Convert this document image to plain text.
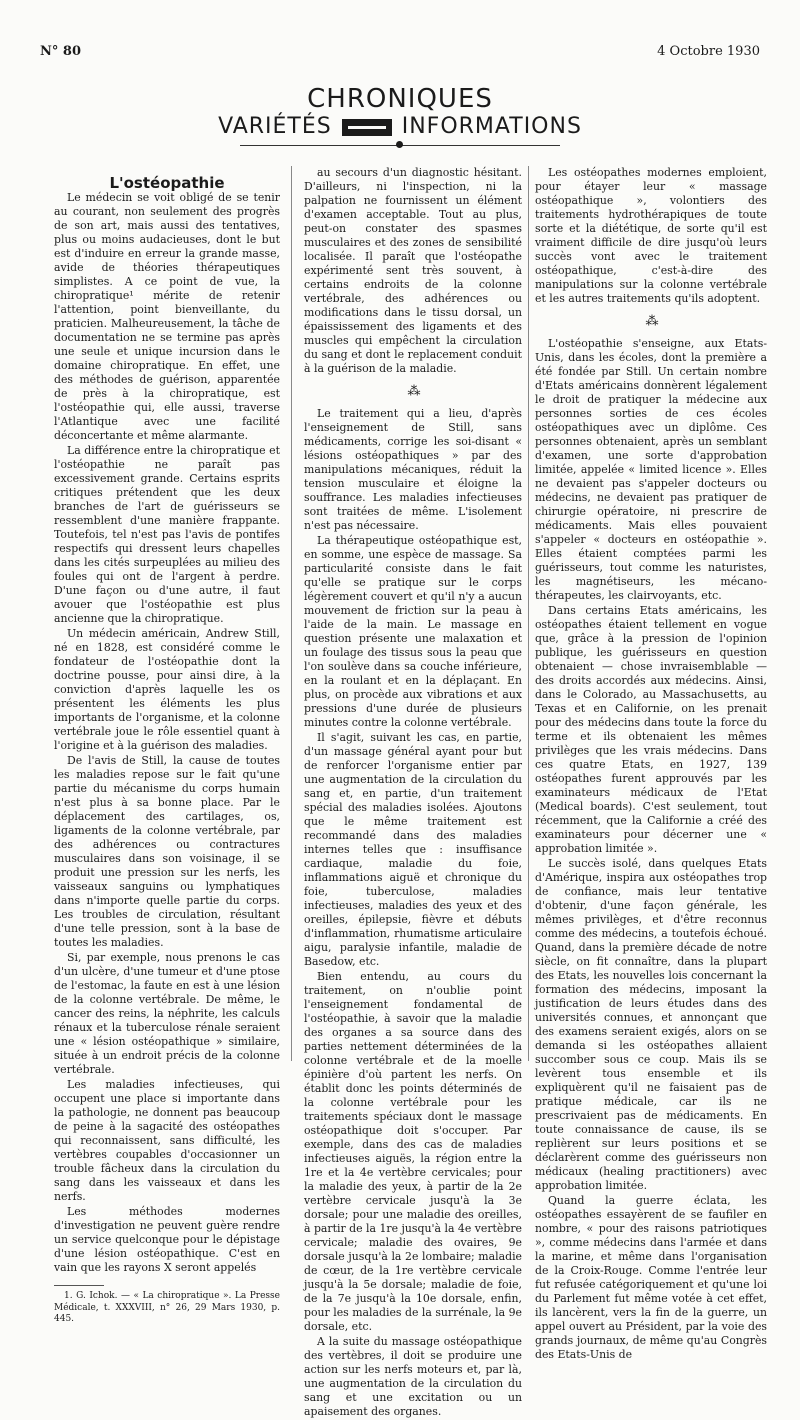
N° 80	4 Octobre 1930
CHRONIQUES
VARIÉTÉS	INFORMATIONS

L'ostéopathie

Le médecin se voit obligé de se tenir au courant, non seulement des progrès de son art, mais aussi des tentatives, plus ou moins audacieuses, dont le but est d'induire en erreur la grande masse, avide de théories thérapeutiques simplistes. A ce point de vue, la chiropratique¹ mérite de retenir l'attention, point bienveillante, du praticien. Malheureusement, la tâche de documentation ne se termine pas après une seule et unique incursion dans le domaine chiropratique. En effet, une des méthodes de guérison, apparentée de près à la chiropratique, est l'ostéopathie qui, elle aussi, traverse l'Atlantique avec une facilité déconcertante et même alarmante.

La différence entre la chiropratique et l'ostéopathie ne paraît pas excessivement grande. Certains esprits critiques prétendent que les deux branches de l'art de guérisseurs se ressemblent d'une manière frappante. Toutefois, tel n'est pas l'avis de pontifes respectifs qui dressent leurs chapelles dans les cités surpeuplées au milieu des foules qui ont de l'argent à perdre. D'une façon ou d'une autre, il faut avouer que l'ostéopathie est plus ancienne que la chiropratique.

Un médecin américain, Andrew Still, né en 1828, est considéré comme le fondateur de l'ostéopathie dont la doctrine pousse, pour ainsi dire, à la conviction d'après laquelle les os présentent les éléments les plus importants de l'organisme, et la colonne vertébrale joue le rôle essentiel quant à l'origine et à la guérison des maladies.

De l'avis de Still, la cause de toutes les maladies repose sur le fait qu'une partie du mécanisme du corps humain n'est plus à sa bonne place. Par le déplacement des cartilages, os, ligaments de la colonne vertébrale, par des adhérences ou contractures musculaires dans son voisinage, il se produit une pression sur les nerfs, les vaisseaux sanguins ou lymphatiques dans n'importe quelle partie du corps. Les troubles de circulation, résultant d'une telle pression, sont à la base de toutes les maladies.

Si, par exemple, nous prenons le cas d'un ulcère, d'une tumeur et d'une ptose de l'estomac, la faute en est à une lésion de la colonne vertébrale. De même, le cancer des reins, la néphrite, les calculs rénaux et la tuberculose rénale seraient une « lésion ostéopathique » similaire, située à un endroit précis de la colonne vertébrale.

Les maladies infectieuses, qui occupent une place si importante dans la pathologie, ne donnent pas beaucoup de peine à la sagacité des ostéopathes qui reconnaissent, sans difficulté, les vertèbres coupables d'occasionner un trouble fâcheux dans la circulation du sang dans les vaisseaux et dans les nerfs.

Les méthodes modernes d'investigation ne peuvent guère rendre un service quelconque pour le dépistage d'une lésion ostéopathique. C'est en vain que les rayons X seront appelés

1. G. Ichok. — « La chiropratique ». La Presse Médicale, t. XXXVIII, n° 26, 29 Mars 1930, p. 445.

au secours d'un diagnostic hésitant. D'ailleurs, ni l'inspection, ni la palpation ne fournissent un élément d'examen acceptable. Tout au plus, peut-on constater des spasmes musculaires et des zones de sensibilité localisée. Il paraît que l'ostéopathe expérimenté sent très souvent, à certains endroits de la colonne vertébrale, des adhérences ou modifications dans le tissu dorsal, un épaississement des ligaments et des muscles qui empêchent la circulation du sang et dont le replacement conduit à la guérison de la maladie.

⁂

Le traitement qui a lieu, d'après l'enseignement de Still, sans médicaments, corrige les soi-disant « lésions ostéopathiques » par des manipulations mécaniques, réduit la tension musculaire et éloigne la souffrance. Les maladies infectieuses sont traitées de même. L'isolement n'est pas nécessaire.

La thérapeutique ostéopathique est, en somme, une espèce de massage. Sa particularité consiste dans le fait qu'elle se pratique sur le corps légèrement couvert et qu'il n'y a aucun mouvement de friction sur la peau à l'aide de la main. Le massage en question présente une malaxation et un foulage des tissus sous la peau que l'on soulève dans sa couche inférieure, en la roulant et en la déplaçant. En plus, on procède aux vibrations et aux pressions d'une durée de plusieurs minutes contre la colonne vertébrale.

Il s'agit, suivant les cas, en partie, d'un massage général ayant pour but de renforcer l'organisme entier par une augmentation de la circulation du sang et, en partie, d'un traitement spécial des maladies isolées. Ajoutons que le même traitement est recommandé dans des maladies internes telles que : insuffisance cardiaque, maladie du foie, inflammations aiguë et chronique du foie, tuberculose, maladies infectieuses, maladies des yeux et des oreilles, épilepsie, fièvre et débuts d'inflammation, rhumatisme articulaire aigu, paralysie infantile, maladie de Basedow, etc.

Bien entendu, au cours du traitement, on n'oublie point l'enseignement fondamental de l'ostéopathie, à savoir que la maladie des organes a sa source dans des parties nettement déterminées de la colonne vertébrale et de la moelle épinière d'où partent les nerfs. On établit donc les points déterminés de la colonne vertébrale pour les traitements spéciaux dont le massage ostéopathique doit s'occuper. Par exemple, dans des cas de maladies infectieuses aiguës, la région entre la 1re et la 4e vertèbre cervicales; pour la maladie des yeux, à partir de la 2e vertèbre cervicale jusqu'à la 3e dorsale; pour une maladie des oreilles, à partir de la 1re jusqu'à la 4e vertèbre cervicale; maladie des ovaires, 9e dorsale jusqu'à la 2e lombaire; maladie de cœur, de la 1re vertèbre cervicale jusqu'à la 5e dorsale; maladie de foie, de la 7e jusqu'à la 10e dorsale, enfin, pour les maladies de la surrénale, la 9e dorsale, etc.

A la suite du massage ostéopathique des vertèbres, il doit se produire une action sur les nerfs moteurs et, par là, une augmentation de la circulation du sang et une excitation ou un apaisement des organes.

Les ostéopathes modernes emploient, pour étayer leur « massage ostéopathique », volontiers des traitements hydrothérapiques de toute sorte et la diététique, de sorte qu'il est vraiment difficile de dire jusqu'où leurs succès vont avec le traitement ostéopathique, c'est-à-dire des manipulations sur la colonne vertébrale et les autres traitements qu'ils adoptent.

⁂

L'ostéopathie s'enseigne, aux Etats-Unis, dans les écoles, dont la première a été fondée par Still. Un certain nombre d'Etats américains donnèrent légalement le droit de pratiquer la médecine aux personnes sorties de ces écoles ostéopathiques avec un diplôme. Ces personnes obtenaient, après un semblant d'examen, une sorte d'approbation limitée, appelée « limited licence ». Elles ne devaient pas s'appeler docteurs ou médecins, ne devaient pas pratiquer de chirurgie opératoire, ni prescrire de médicaments. Mais elles pouvaient s'appeler « docteurs en ostéopathie ». Elles étaient comptées parmi les guérisseurs, tout comme les naturistes, les magnétiseurs, les mécano-thérapeutes, les clairvoyants, etc.

Dans certains Etats américains, les ostéopathes étaient tellement en vogue que, grâce à la pression de l'opinion publique, les guérisseurs en question obtenaient — chose invraisemblable — des droits accordés aux médecins. Ainsi, dans le Colorado, au Massachusetts, au Texas et en Californie, on les prenait pour des médecins dans toute la force du terme et ils obtenaient les mêmes privilèges que les vrais médecins. Dans ces quatre Etats, en 1927, 139 ostéopathes furent approuvés par les examinateurs médicaux de l'Etat (Medical boards). C'est seulement, tout récemment, que la Californie a créé des examinateurs pour décerner une « approbation limitée ».

Le succès isolé, dans quelques Etats d'Amérique, inspira aux ostéopathes trop de confiance, mais leur tentative d'obtenir, d'une façon générale, les mêmes privilèges, et d'être reconnus comme des médecins, a toutefois échoué. Quand, dans la première décade de notre siècle, on fit connaître, dans la plupart des Etats, les nouvelles lois concernant la formation des médecins, imposant la justification de leurs études dans des universités connues, et annonçant que des examens seraient exigés, alors on se demanda si les ostéopathes allaient succomber sous ce coup. Mais ils se levèrent tous ensemble et ils expliquèrent qu'il ne faisaient pas de pratique médicale, car ils ne prescrivaient pas de médicaments. En toute connaissance de cause, ils se replièrent sur leurs positions et se déclarèrent comme des guérisseurs non médicaux (healing practitioners) avec approbation limitée.

Quand la guerre éclata, les ostéopathes essayèrent de se faufiler en nombre, « pour des raisons patriotiques », comme médecins dans l'armée et dans la marine, et même dans l'organisation de la Croix-Rouge. Comme l'entrée leur fut refusée catégoriquement et qu'une loi du Parlement fut même votée à cet effet, ils lancèrent, vers la fin de la guerre, un appel ouvert au Président, par la voie des grands journaux, de même qu'au Congrès des Etats-Unis de
